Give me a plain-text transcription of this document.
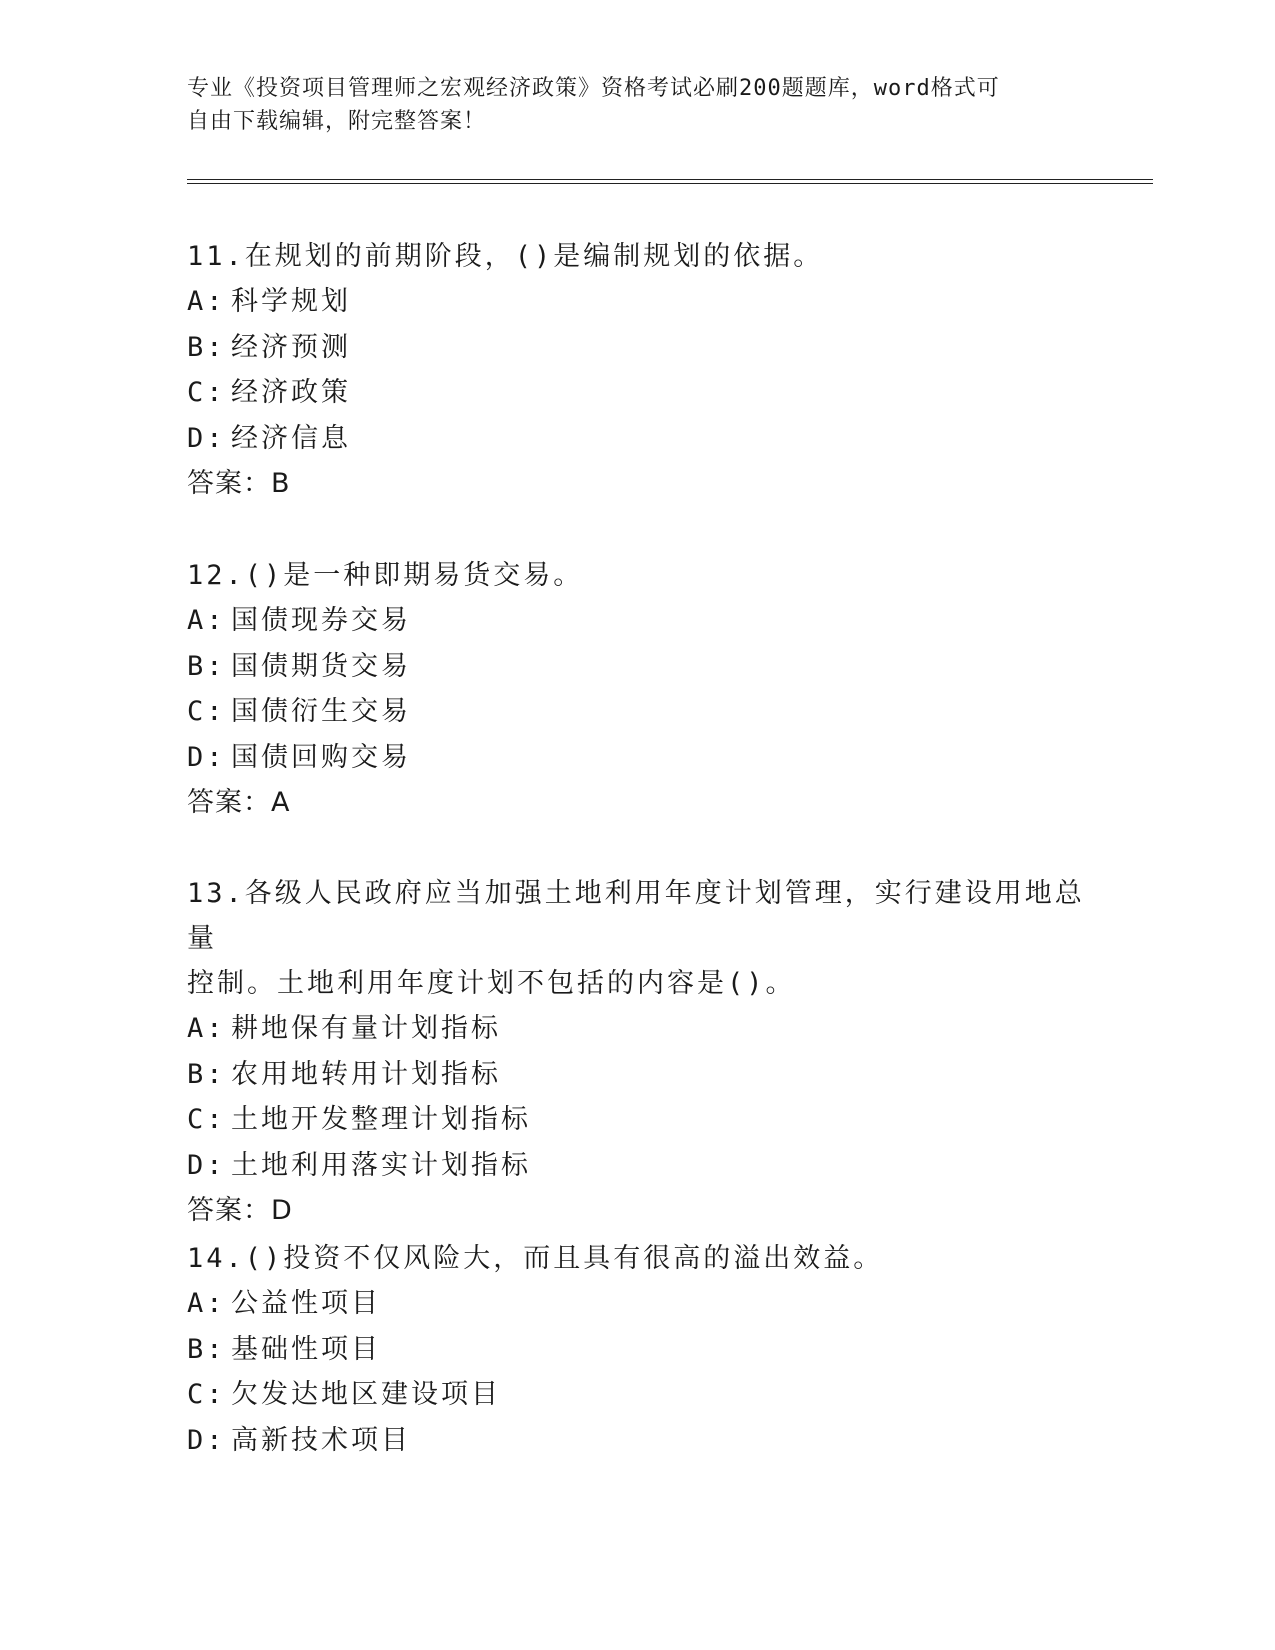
专业《投资项目管理师之宏观经济政策》资格考试必刷200题题库，word格式可
自由下载编辑，附完整答案！

11.在规划的前期阶段，()是编制规划的依据。

A: 科学规划

B: 经济预测

C: 经济政策

D: 经济信息

答案：B

12.()是一种即期易货交易。

A: 国债现券交易

B: 国债期货交易

C: 国债衍生交易

D: 国债回购交易

答案：A

13.各级人民政府应当加强土地利用年度计划管理，实行建设用地总量

控制。土地利用年度计划不包括的内容是()。

A: 耕地保有量计划指标

B: 农用地转用计划指标

C: 土地开发整理计划指标

D: 土地利用落实计划指标

答案：D

14.()投资不仅风险大，而且具有很高的溢出效益。

A: 公益性项目

B: 基础性项目

C: 欠发达地区建设项目

D: 高新技术项目
